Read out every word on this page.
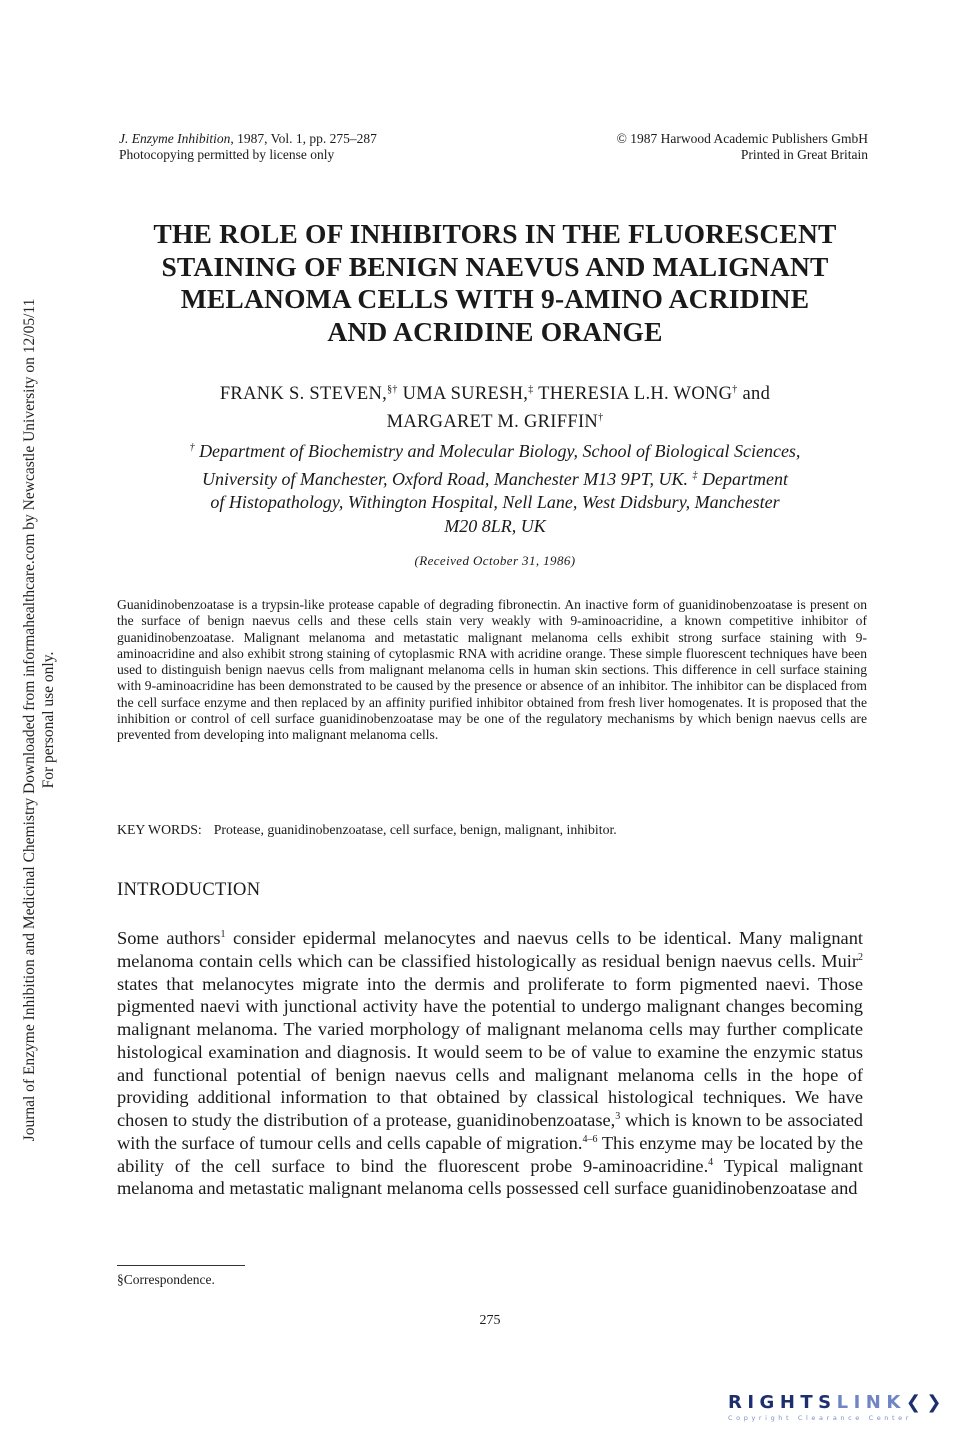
Journal of Enzyme Inhibition and Medicinal Chemistry Downloaded from informahealthcare.com by Newcastle University on 12/05/11 For personal use only.
J. Enzyme Inhibition, 1987, Vol. 1, pp. 275–287
Photocopying permitted by license only
© 1987 Harwood Academic Publishers GmbH
Printed in Great Britain
THE ROLE OF INHIBITORS IN THE FLUORESCENT
STAINING OF BENIGN NAEVUS AND MALIGNANT
MELANOMA CELLS WITH 9-AMINO ACRIDINE
AND ACRIDINE ORANGE
FRANK S. STEVEN,§† UMA SURESH,‡ THERESIA L.H. WONG† and
MARGARET M. GRIFFIN†
† Department of Biochemistry and Molecular Biology, School of Biological Sciences,
University of Manchester, Oxford Road, Manchester M13 9PT, UK. ‡ Department
of Histopathology, Withington Hospital, Nell Lane, West Didsbury, Manchester
M20 8LR, UK
(Received October 31, 1986)
Guanidinobenzoatase is a trypsin-like protease capable of degrading fibronectin. An inactive form of guanidinobenzoatase is present on the surface of benign naevus cells and these cells stain very weakly with 9-aminoacridine, a known competitive inhibitor of guanidinobenzoatase. Malignant melanoma and metastatic malignant melanoma cells exhibit strong surface staining with 9-aminoacridine and also exhibit strong staining of cytoplasmic RNA with acridine orange. These simple fluorescent techniques have been used to distinguish benign naevus cells from malignant melanoma cells in human skin sections. This difference in cell surface staining with 9-aminoacridine has been demonstrated to be caused by the presence or absence of an inhibitor. The inhibitor can be displaced from the cell surface enzyme and then replaced by an affinity purified inhibitor obtained from fresh liver homogenates. It is proposed that the inhibition or control of cell surface guanidinobenzoatase may be one of the regulatory mechanisms by which benign naevus cells are prevented from developing into malignant melanoma cells.
KEY WORDS: Protease, guanidinobenzoatase, cell surface, benign, malignant, inhibitor.
INTRODUCTION
Some authors$^1$ consider epidermal melanocytes and naevus cells to be identical. Many malignant melanoma contain cells which can be classified histologically as residual benign naevus cells. Muir$^2$ states that melanocytes migrate into the dermis and proliferate to form pigmented naevi. Those pigmented naevi with junctional activity have the potential to undergo malignant changes becoming malignant melanoma. The varied morphology of malignant melanoma cells may further complicate histological examination and diagnosis. It would seem to be of value to examine the enzymic status and functional potential of benign naevus cells and malignant melanoma cells in the hope of providing additional information to that obtained by classical histological techniques. We have chosen to study the distribution of a protease, guanidinobenzoatase,$^3$ which is known to be associated with the surface of tumour cells and cells capable of migration.$^{4-6}$ This enzyme may be located by the ability of the cell surface to bind the fluorescent probe 9-aminoacridine.$^4$ Typical malignant melanoma and metastatic malignant melanoma cells possessed cell surface guanidinobenzoatase and
§Correspondence.
275
RIGHTSLINK❮❯
Copyright Clearance Center
